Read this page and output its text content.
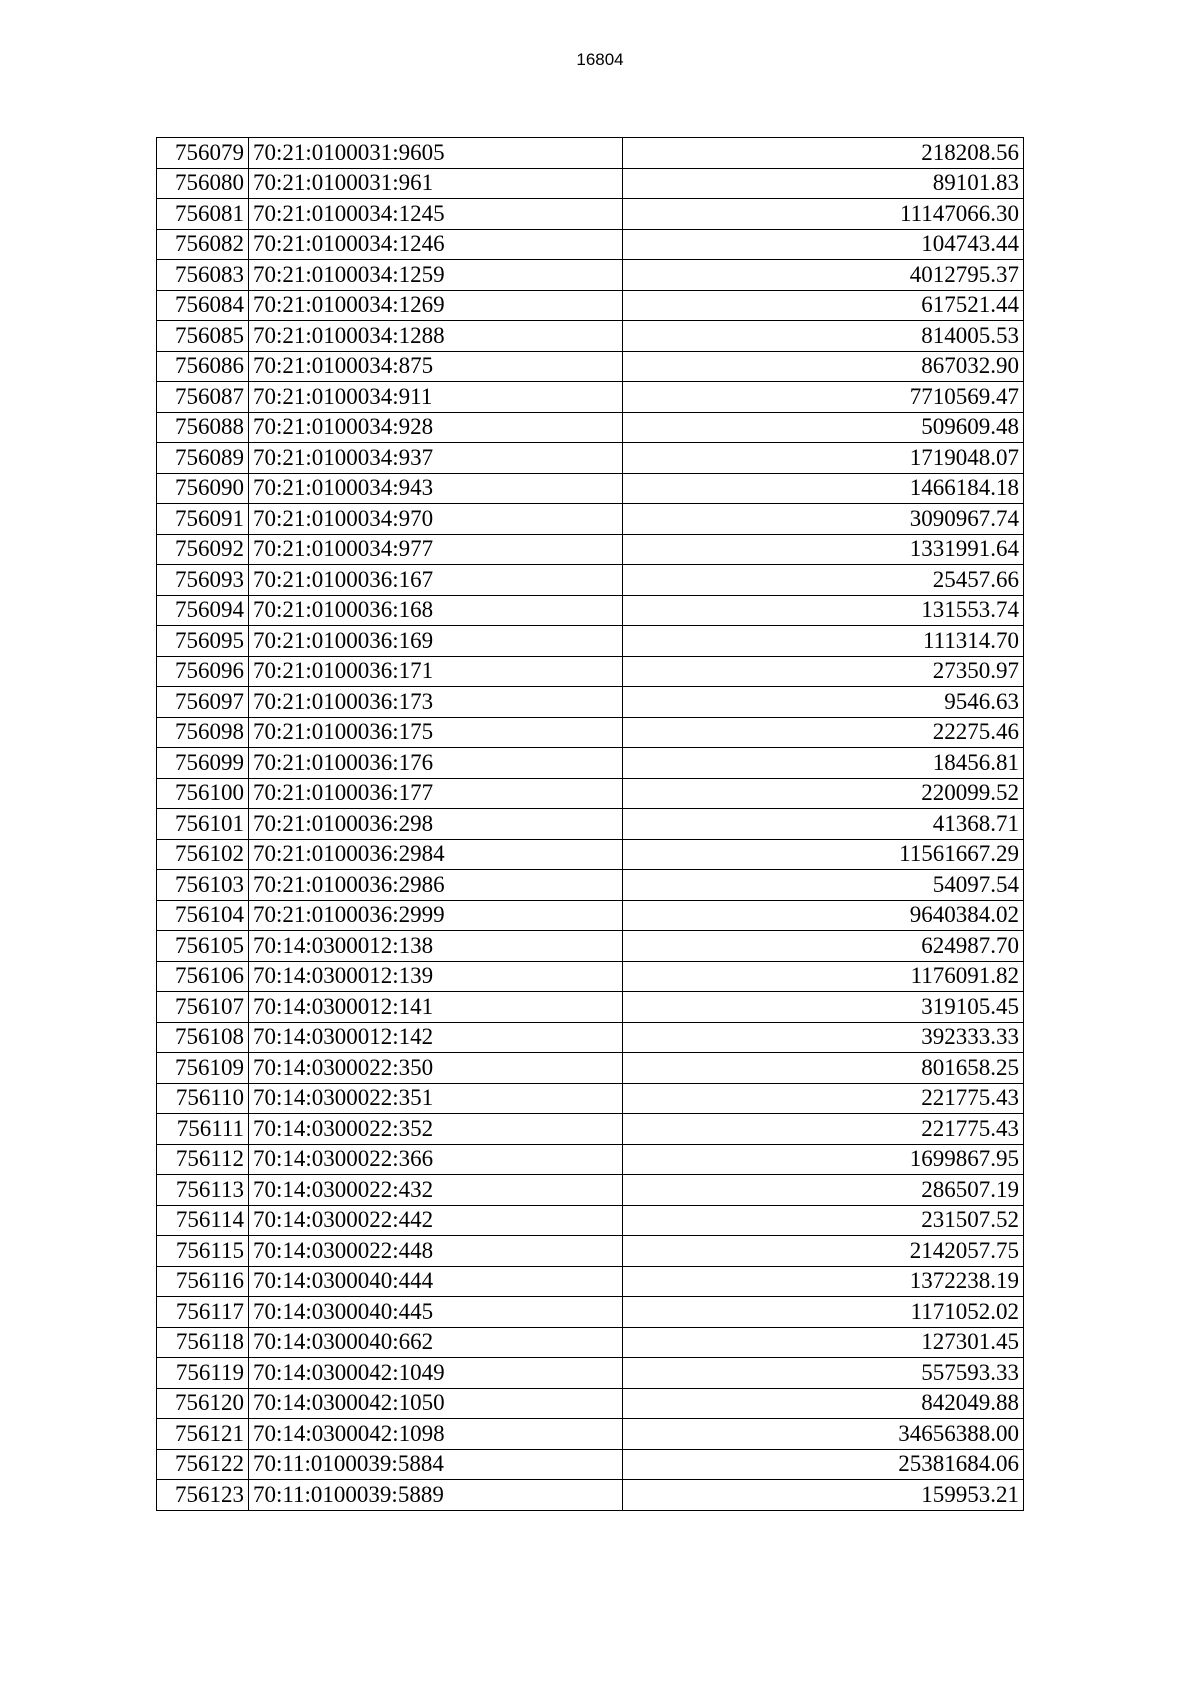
16804
756079	70:21:0100031:9605	218208.56
756080	70:21:0100031:961	89101.83
756081	70:21:0100034:1245	11147066.30
756082	70:21:0100034:1246	104743.44
756083	70:21:0100034:1259	4012795.37
756084	70:21:0100034:1269	617521.44
756085	70:21:0100034:1288	814005.53
756086	70:21:0100034:875	867032.90
756087	70:21:0100034:911	7710569.47
756088	70:21:0100034:928	509609.48
756089	70:21:0100034:937	1719048.07
756090	70:21:0100034:943	1466184.18
756091	70:21:0100034:970	3090967.74
756092	70:21:0100034:977	1331991.64
756093	70:21:0100036:167	25457.66
756094	70:21:0100036:168	131553.74
756095	70:21:0100036:169	111314.70
756096	70:21:0100036:171	27350.97
756097	70:21:0100036:173	9546.63
756098	70:21:0100036:175	22275.46
756099	70:21:0100036:176	18456.81
756100	70:21:0100036:177	220099.52
756101	70:21:0100036:298	41368.71
756102	70:21:0100036:2984	11561667.29
756103	70:21:0100036:2986	54097.54
756104	70:21:0100036:2999	9640384.02
756105	70:14:0300012:138	624987.70
756106	70:14:0300012:139	1176091.82
756107	70:14:0300012:141	319105.45
756108	70:14:0300012:142	392333.33
756109	70:14:0300022:350	801658.25
756110	70:14:0300022:351	221775.43
756111	70:14:0300022:352	221775.43
756112	70:14:0300022:366	1699867.95
756113	70:14:0300022:432	286507.19
756114	70:14:0300022:442	231507.52
756115	70:14:0300022:448	2142057.75
756116	70:14:0300040:444	1372238.19
756117	70:14:0300040:445	1171052.02
756118	70:14:0300040:662	127301.45
756119	70:14:0300042:1049	557593.33
756120	70:14:0300042:1050	842049.88
756121	70:14:0300042:1098	34656388.00
756122	70:11:0100039:5884	25381684.06
756123	70:11:0100039:5889	159953.21
